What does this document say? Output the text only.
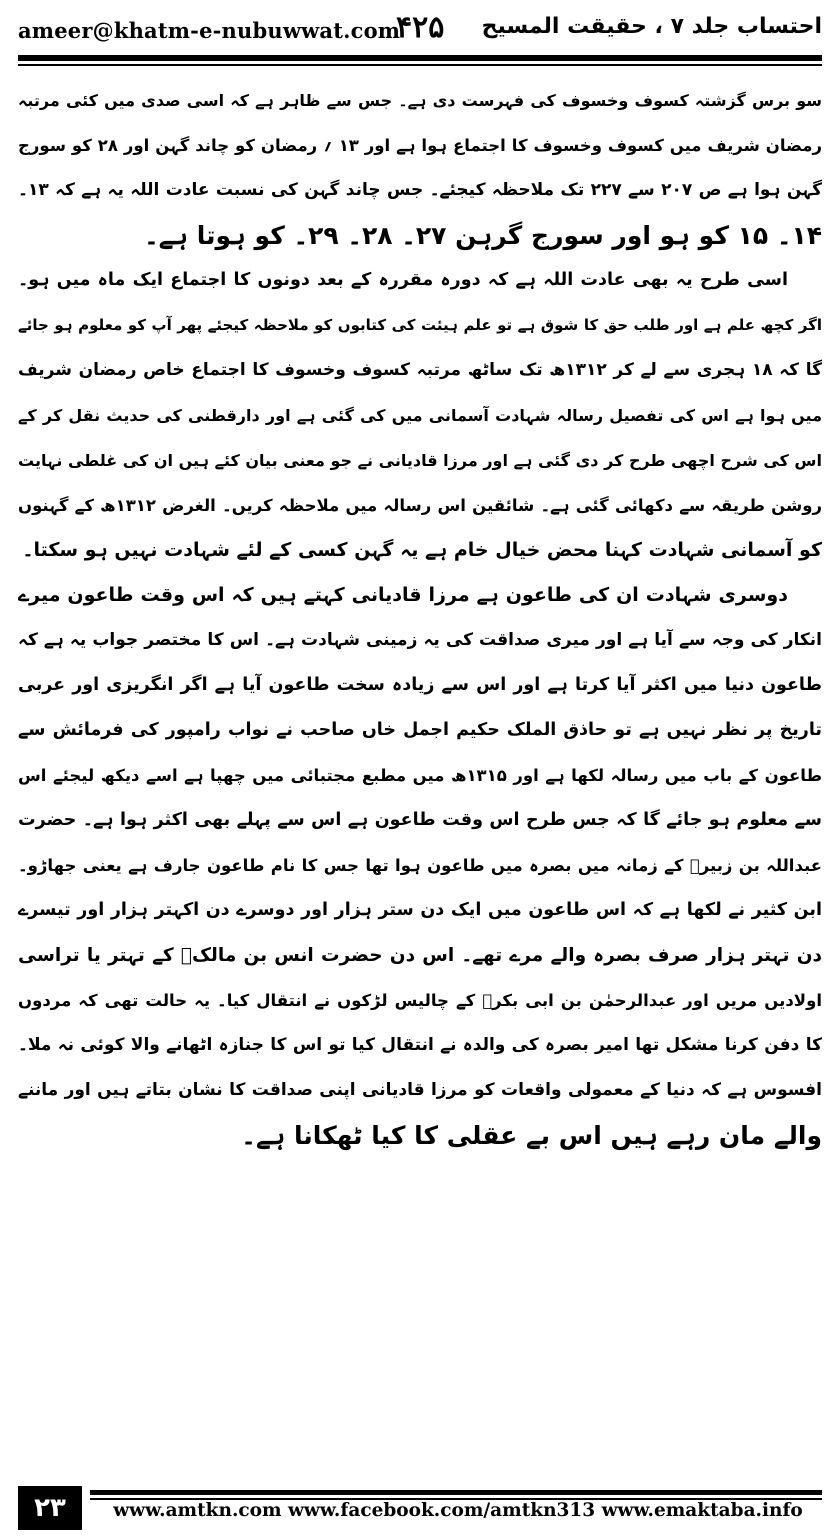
ameer@khatm-e-nubuwwat.com
۴۲۵ احتساب جلد ۷ ، حقیقت المسیح
سو برس گزشتہ کسوف وخسوف کی فہرست دی ہے۔ جس سے ظاہر ہے کہ اسی صدی میں کئی مرتبہ
رمضان شریف میں کسوف وخسوف کا اجتماع ہوا ہے اور ۱۳ ؍ رمضان کو چاند گہن اور ۲۸ کو سورج
گہن ہوا ہے ص ۲۰۷ سے ۲۲۷ تک ملاحظہ کیجئے۔ جس چاند گہن کی نسبت عادت اللہ یہ ہے کہ ۱۳۔
۱۴۔ ۱۵ کو ہو اور سورج گرہن ۲۷۔ ۲۸۔ ۲۹۔ کو ہوتا ہے۔
اسی طرح یہ بھی عادت اللہ ہے کہ دورہ مقررہ کے بعد دونوں کا اجتماع ایک ماہ میں ہو۔
اگر کچھ علم ہے اور طلب حق کا شوق ہے تو علم ہیئت کی کتابوں کو ملاحظہ کیجئے پھر آپ کو معلوم ہو جائے
گا کہ ۱۸ ہجری سے لے کر ۱۳۱۲ھ تک ساٹھ مرتبہ کسوف وخسوف کا اجتماع خاص رمضان شریف
میں ہوا ہے اس کی تفصیل رسالہ شہادت آسمانی میں کی گئی ہے اور دارقطنی کی حدیث نقل کر کے
اس کی شرح اچھی طرح کر دی گئی ہے اور مرزا قادیانی نے جو معنی بیان کئے ہیں ان کی غلطی نہایت
روشن طریقہ سے دکھائی گئی ہے۔ شائقین اس رسالہ میں ملاحظہ کریں۔ الغرض ۱۳۱۲ھ کے گہنوں
کو آسمانی شہادت کہنا محض خیال خام ہے یہ گہن کسی کے لئے شہادت نہیں ہو سکتا۔
دوسری شہادت ان کی طاعون ہے مرزا قادیانی کہتے ہیں کہ اس وقت طاعون میرے
انکار کی وجہ سے آیا ہے اور میری صداقت کی یہ زمینی شہادت ہے۔ اس کا مختصر جواب یہ ہے کہ
طاعون دنیا میں اکثر آیا کرتا ہے اور اس سے زیادہ سخت طاعون آیا ہے اگر انگریزی اور عربی
تاریخ پر نظر نہیں ہے تو حاذق الملک حکیم اجمل خاں صاحب نے نواب رامپور کی فرمائش سے
طاعون کے باب میں رسالہ لکھا ہے اور ۱۳۱۵ھ میں مطبع مجتبائی میں چھپا ہے اسے دیکھ لیجئے اس
سے معلوم ہو جائے گا کہ جس طرح اس وقت طاعون ہے اس سے پہلے بھی اکثر ہوا ہے۔ حضرت
عبداللہ بن زبیرؓ کے زمانہ میں بصرہ میں طاعون ہوا تھا جس کا نام طاعون جارف ہے یعنی جھاڑو۔
ابن کثیر نے لکھا ہے کہ اس طاعون میں ایک دن ستر ہزار اور دوسرے دن اکہتر ہزار اور تیسرے
دن تہتر ہزار صرف بصرہ والے مرے تھے۔ اس دن حضرت انس بن مالکؓ کے تہتر یا تراسی
اولادیں مریں اور عبدالرحمٰن بن ابی بکرؓ کے چالیس لڑکوں نے انتقال کیا۔ یہ حالت تھی کہ مردوں
کا دفن کرنا مشکل تھا امیر بصرہ کی والدہ نے انتقال کیا تو اس کا جنازہ اٹھانے والا کوئی نہ ملا۔
افسوس ہے کہ دنیا کے معمولی واقعات کو مرزا قادیانی اپنی صداقت کا نشان بتاتے ہیں اور ماننے
والے مان رہے ہیں اس بے عقلی کا کیا ٹھکانا ہے۔
۲۳	www.amtkn.com www.facebook.com/amtkn313 www.emaktaba.info
